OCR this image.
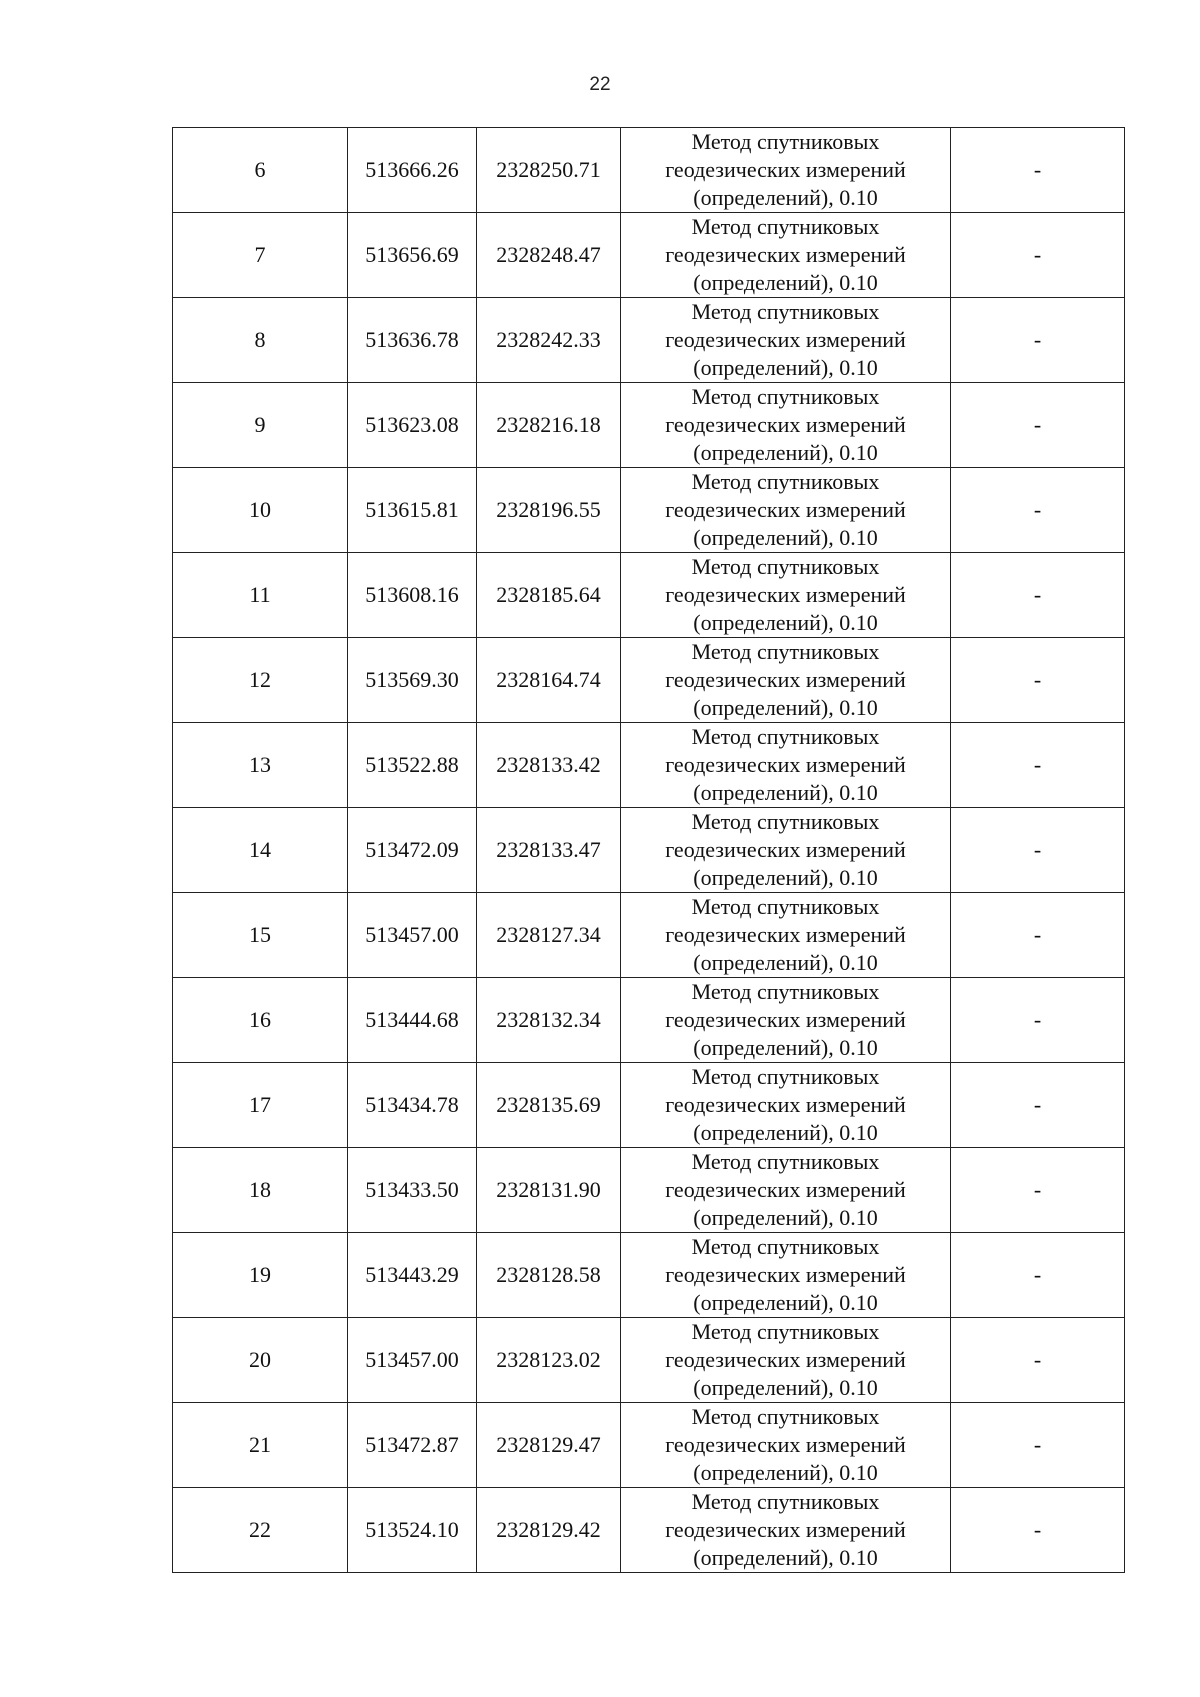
22
6	513666.26	2328250.71	Метод спутниковых
геодезических измерений
(определений), 0.10	-
7	513656.69	2328248.47	Метод спутниковых
геодезических измерений
(определений), 0.10	-
8	513636.78	2328242.33	Метод спутниковых
геодезических измерений
(определений), 0.10	-
9	513623.08	2328216.18	Метод спутниковых
геодезических измерений
(определений), 0.10	-
10	513615.81	2328196.55	Метод спутниковых
геодезических измерений
(определений), 0.10	-
11	513608.16	2328185.64	Метод спутниковых
геодезических измерений
(определений), 0.10	-
12	513569.30	2328164.74	Метод спутниковых
геодезических измерений
(определений), 0.10	-
13	513522.88	2328133.42	Метод спутниковых
геодезических измерений
(определений), 0.10	-
14	513472.09	2328133.47	Метод спутниковых
геодезических измерений
(определений), 0.10	-
15	513457.00	2328127.34	Метод спутниковых
геодезических измерений
(определений), 0.10	-
16	513444.68	2328132.34	Метод спутниковых
геодезических измерений
(определений), 0.10	-
17	513434.78	2328135.69	Метод спутниковых
геодезических измерений
(определений), 0.10	-
18	513433.50	2328131.90	Метод спутниковых
геодезических измерений
(определений), 0.10	-
19	513443.29	2328128.58	Метод спутниковых
геодезических измерений
(определений), 0.10	-
20	513457.00	2328123.02	Метод спутниковых
геодезических измерений
(определений), 0.10	-
21	513472.87	2328129.47	Метод спутниковых
геодезических измерений
(определений), 0.10	-
22	513524.10	2328129.42	Метод спутниковых
геодезических измерений
(определений), 0.10	-
